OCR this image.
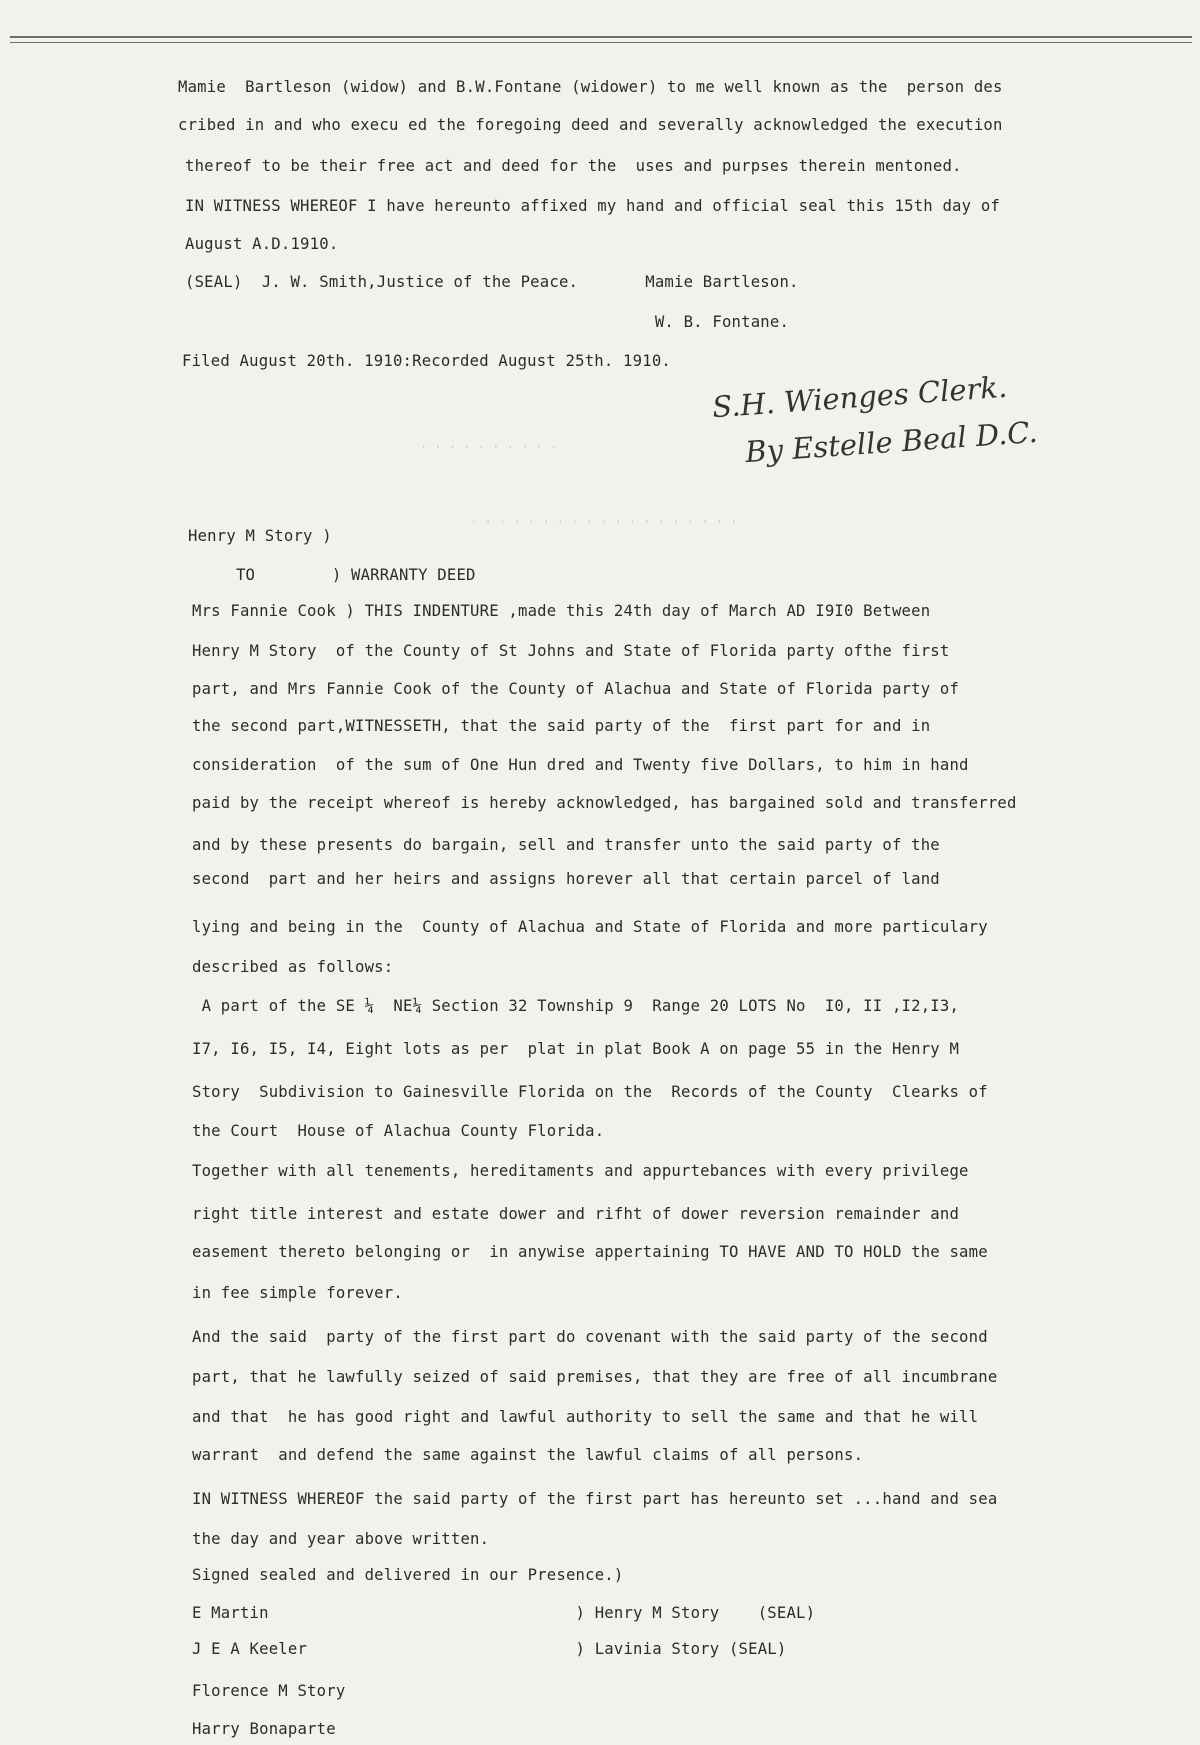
· · · · · · · · · ·
· · · · · · · · · · · · · · · · · · ·
Mamie  Bartleson (widow) and B.W.Fontane (widower) to me well known as the  person des
cribed in and who execu ed the foregoing deed and severally acknowledged the execution
thereof to be their free act and deed for the  uses and purpses therein mentoned.
IN WITNESS WHEREOF I have hereunto affixed my hand and official seal this 15th day of
August A.D.1910.
(SEAL)  J. W. Smith,Justice of the Peace.       Mamie Bartleson.
W. B. Fontane.
Filed August 20th. 1910:Recorded August 25th. 1910.
S.H. Wienges Clerk.
By Estelle Beal D.C.
Henry M Story )
TO        ) WARRANTY DEED
Mrs Fannie Cook ) THIS INDENTURE ,made this 24th day of March AD I9I0 Between
Henry M Story  of the County of St Johns and State of Florida party ofthe first
part, and Mrs Fannie Cook of the County of Alachua and State of Florida party of
the second part,WITNESSETH, that the said party of the  first part for and in
consideration  of the sum of One Hun dred and Twenty five Dollars, to him in hand
paid by the receipt whereof is hereby acknowledged, has bargained sold and transferred
and by these presents do bargain, sell and transfer unto the said party of the
second  part and her heirs and assigns horever all that certain parcel of land
lying and being in the  County of Alachua and State of Florida and more particulary
described as follows:
A part of the SE ¼  NE¼ Section 32 Township 9  Range 20 LOTS No  I0, II ,I2,I3,
I7, I6, I5, I4, Eight lots as per  plat in plat Book A on page 55 in the Henry M
Story  Subdivision to Gainesville Florida on the  Records of the County  Clearks of
the Court  House of Alachua County Florida.
Together with all tenements, hereditaments and appurtebances with every privilege
right title interest and estate dower and rifht of dower reversion remainder and
easement thereto belonging or  in anywise appertaining TO HAVE AND TO HOLD the same
in fee simple forever.
And the said  party of the first part do covenant with the said party of the second
part, that he lawfully seized of said premises, that they are free of all incumbrane
and that  he has good right and lawful authority to sell the same and that he will
warrant  and defend the same against the lawful claims of all persons.
IN WITNESS WHEREOF the said party of the first part has hereunto set ...hand and sea
the day and year above written.
Signed sealed and delivered in our Presence.)
E Martin                                ) Henry M Story    (SEAL)
J E A Keeler                            ) Lavinia Story (SEAL)
Florence M Story
Harry Bonaparte
